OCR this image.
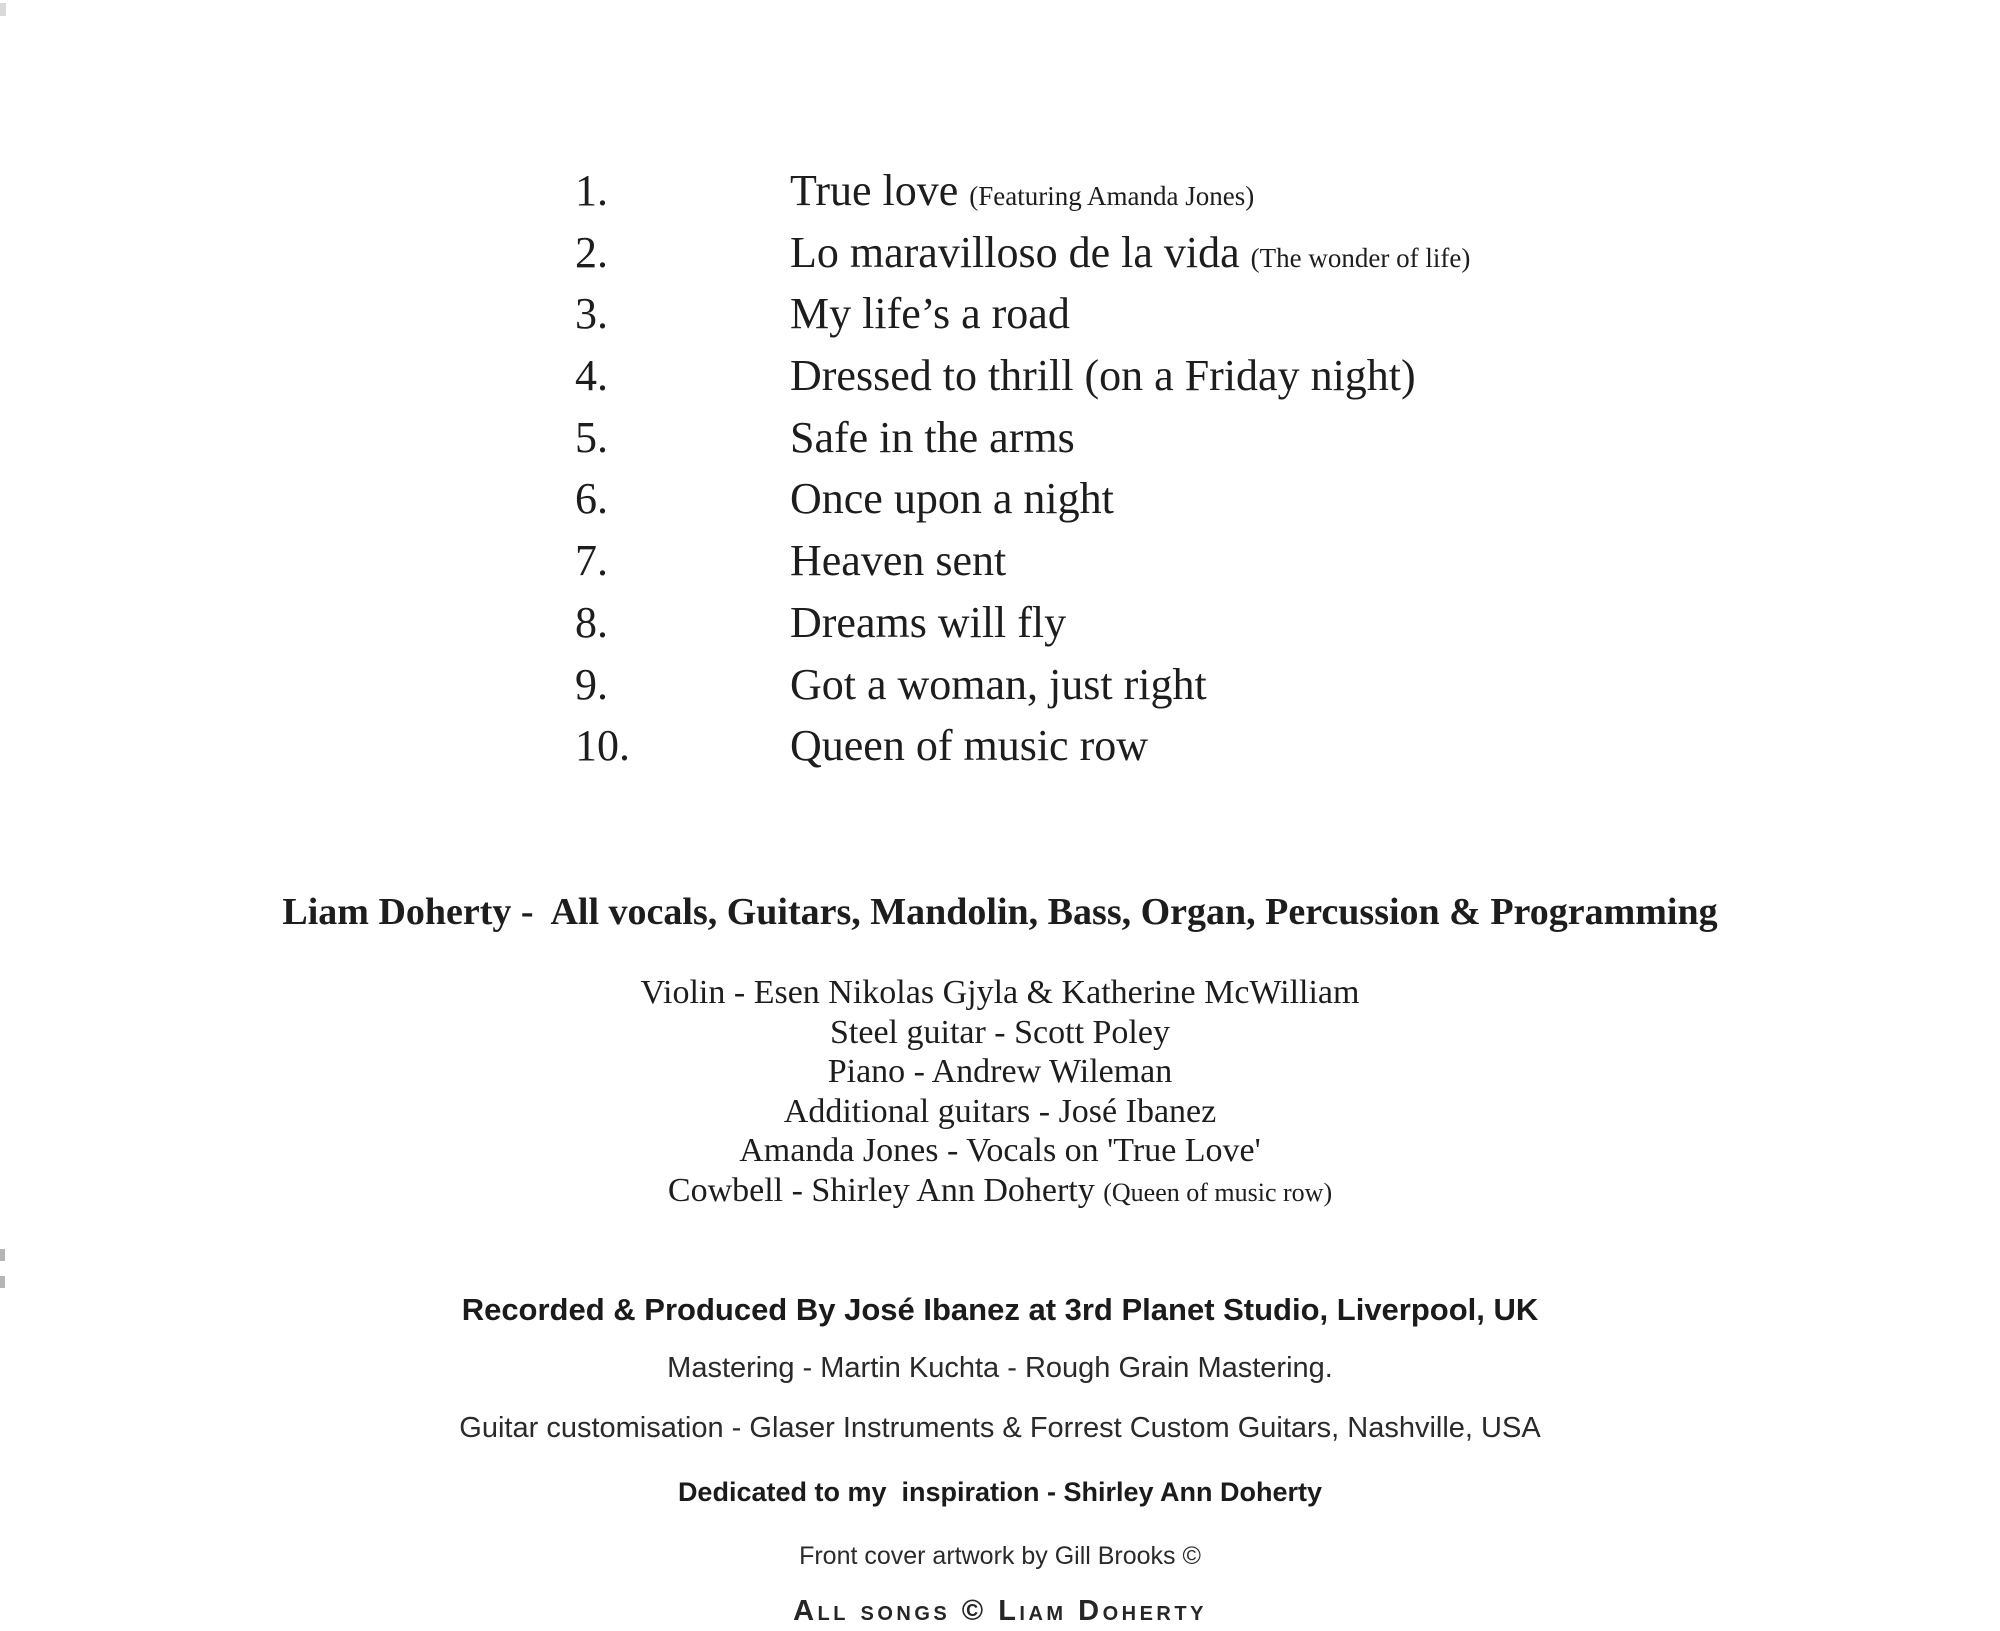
1.	True love (Featuring Amanda Jones)
2.	Lo maravilloso de la vida (The wonder of life)
3.	My life’s a road
4.	Dressed to thrill (on a Friday night)
5.	Safe in the arms
6.	Once upon a night
7.	Heaven sent
8.	Dreams will fly
9.	Got a woman, just right
10.	Queen of music row
Liam Doherty -  All vocals, Guitars, Mandolin, Bass, Organ, Percussion & Programming
Violin - Esen Nikolas Gjyla & Katherine McWilliam
Steel guitar - Scott Poley
Piano - Andrew Wileman
Additional guitars - José Ibanez
Amanda Jones - Vocals on 'True Love'
Cowbell - Shirley Ann Doherty (Queen of music row)
Recorded & Produced By José Ibanez at 3rd Planet Studio, Liverpool, UK
Mastering - Martin Kuchta - Rough Grain Mastering.
Guitar customisation - Glaser Instruments & Forrest Custom Guitars, Nashville, USA
Dedicated to my  inspiration - Shirley Ann Doherty
Front cover artwork by Gill Brooks ©
All songs © Liam Doherty
